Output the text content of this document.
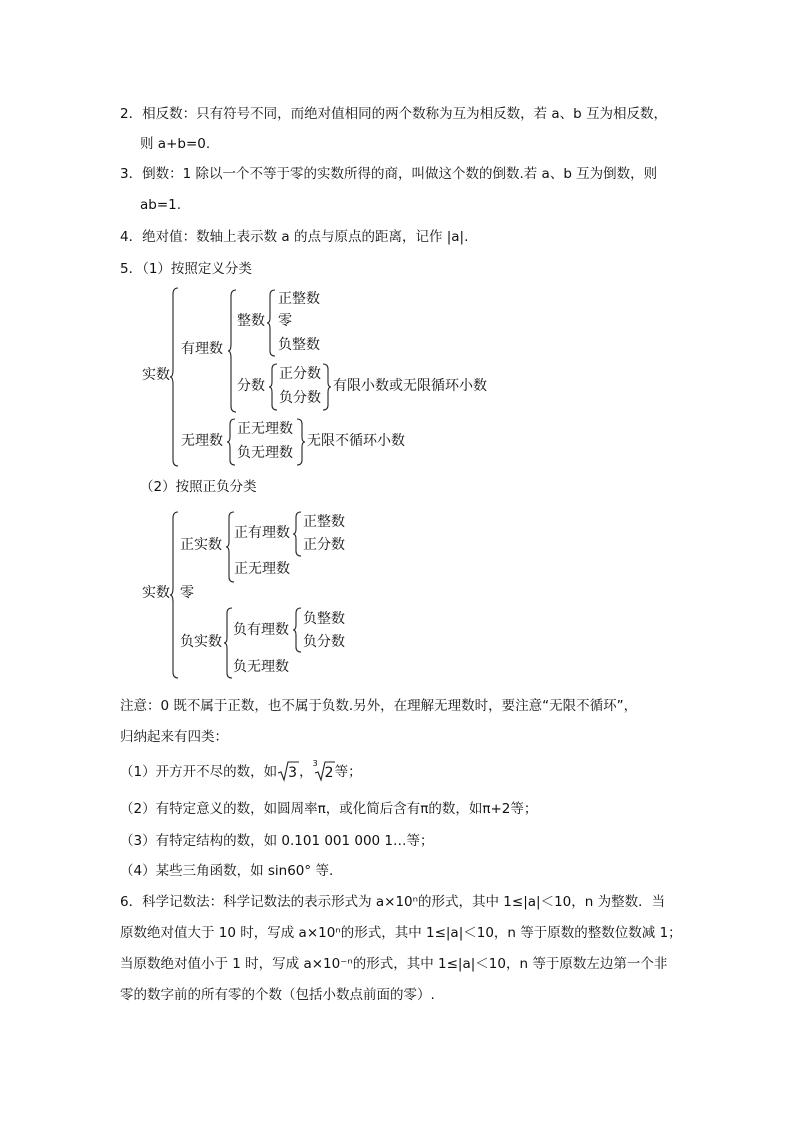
2．相反数：只有符号不同，而绝对值相同的两个数称为互为相反数，若 a、b 互为相反数，
则 a+b=0.
3．倒数：1 除以一个不等于零的实数所得的商，叫做这个数的倒数.若 a、b 互为倒数，则
ab=1.
4．绝对值：数轴上表示数 a 的点与原点的距离，记作 |a|.
5．（1）按照定义分类
实数
有理数
整数
正整数
零
负整数
分数
正分数
负分数
有限小数或无限循环小数
无理数
正无理数
负无理数
无限不循环小数
（2）按照正负分类
实数
正实数
正有理数
正整数
正分数
正无理数
零
负实数
负有理数
负整数
负分数
负无理数
注意：0 既不属于正数，也不属于负数.另外，在理解无理数时，要注意“无限不循环”，
归纳起来有四类：
（1）开方开不尽的数，如 3 ，
3
2 等；
（2）有特定意义的数，如圆周率π，或化简后含有π的数，如π+2等；
（3）有特定结构的数，如 0.101 001 000 1…等；
（4）某些三角函数，如 sin60° 等.
6．科学记数法：科学记数法的表示形式为 a×10ⁿ的形式，其中 1≤|a|＜10，n 为整数．当
原数绝对值大于 10 时，写成 a×10ⁿ的形式，其中 1≤|a|＜10，n 等于原数的整数位数减 1；
当原数绝对值小于 1 时，写成 a×10⁻ⁿ的形式，其中 1≤|a|＜10，n 等于原数左边第一个非
零的数字前的所有零的个数（包括小数点前面的零）.
